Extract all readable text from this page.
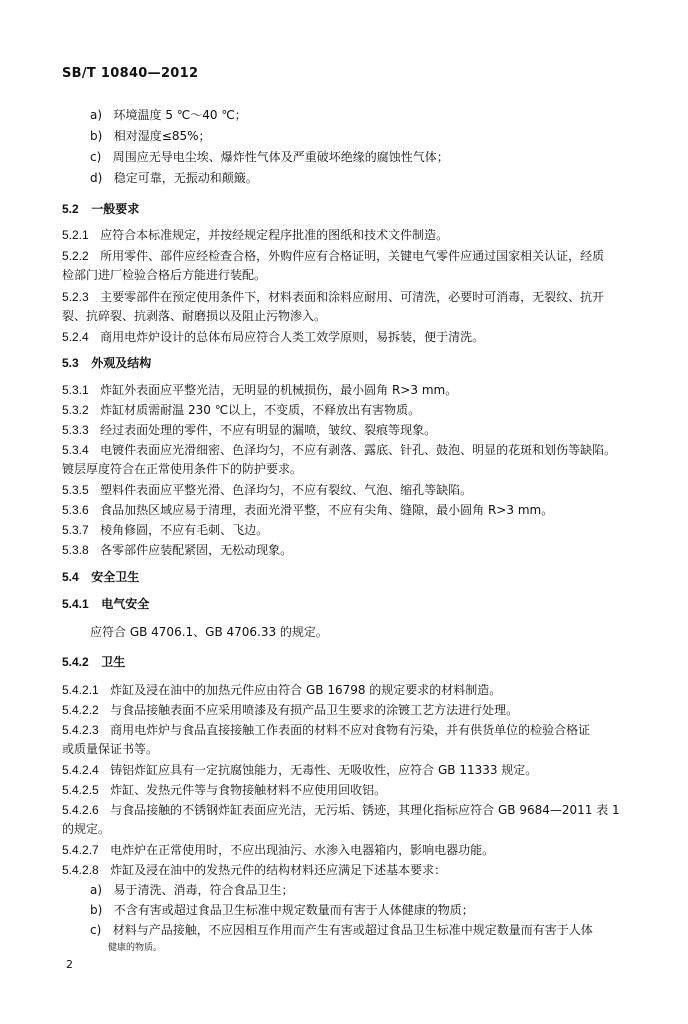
SB/T 10840—2012
a) 环境温度 5 ℃～40 ℃；
b) 相对湿度≤85%；
c) 周围应无导电尘埃、爆炸性气体及严重破坏绝缘的腐蚀性气体；
d) 稳定可靠，无振动和颠簸。
5.2 一般要求
5.2.1 应符合本标准规定，并按经规定程序批准的图纸和技术文件制造。
5.2.2 所用零件、部件应经检查合格，外购件应有合格证明，关键电气零件应通过国家相关认证，经质
检部门进厂检验合格后方能进行装配。
5.2.3 主要零部件在预定使用条件下，材料表面和涂料应耐用、可清洗，必要时可消毒，无裂纹、抗开
裂、抗碎裂、抗剥落、耐磨损以及阻止污物渗入。
5.2.4 商用电炸炉设计的总体布局应符合人类工效学原则，易拆装，便于清洗。
5.3 外观及结构
5.3.1 炸缸外表面应平整光洁，无明显的机械损伤，最小圆角 R>3 mm。
5.3.2 炸缸材质需耐温 230 ℃以上，不变质，不释放出有害物质。
5.3.3 经过表面处理的零件，不应有明显的漏喷，皱纹、裂痕等现象。
5.3.4 电镀件表面应光滑细密、色泽均匀，不应有剥落、露底、针孔、鼓泡、明显的花斑和划伤等缺陷。
镀层厚度符合在正常使用条件下的防护要求。
5.3.5 塑料件表面应平整光滑、色泽均匀，不应有裂纹、气泡、缩孔等缺陷。
5.3.6 食品加热区域应易于清理，表面光滑平整，不应有尖角、缝隙，最小圆角 R>3 mm。
5.3.7 棱角修圆，不应有毛刺、飞边。
5.3.8 各零部件应装配紧固，无松动现象。
5.4 安全卫生
5.4.1 电气安全
应符合 GB 4706.1、GB 4706.33 的规定。
5.4.2 卫生
5.4.2.1 炸缸及浸在油中的加热元件应由符合 GB 16798 的规定要求的材料制造。
5.4.2.2 与食品接触表面不应采用喷漆及有损产品卫生要求的涂镀工艺方法进行处理。
5.4.2.3 商用电炸炉与食品直接接触工作表面的材料不应对食物有污染，并有供货单位的检验合格证
或质量保证书等。
5.4.2.4 铸铝炸缸应具有一定抗腐蚀能力，无毒性、无吸收性，应符合 GB 11333 规定。
5.4.2.5 炸缸、发热元件等与食物接触材料不应使用回收铝。
5.4.2.6 与食品接触的不锈钢炸缸表面应光洁，无污垢、锈迹，其理化指标应符合 GB 9684—2011 表 1
的规定。
5.4.2.7 电炸炉在正常使用时，不应出现油污、水渗入电器箱内，影响电器功能。
5.4.2.8 炸缸及浸在油中的发热元件的结构材料还应满足下述基本要求：
a) 易于清洗、消毒，符合食品卫生；
b) 不含有害或超过食品卫生标准中规定数量而有害于人体健康的物质；
c) 材料与产品接触，不应因相互作用而产生有害或超过食品卫生标准中规定数量而有害于人体
健康的物质。
2
